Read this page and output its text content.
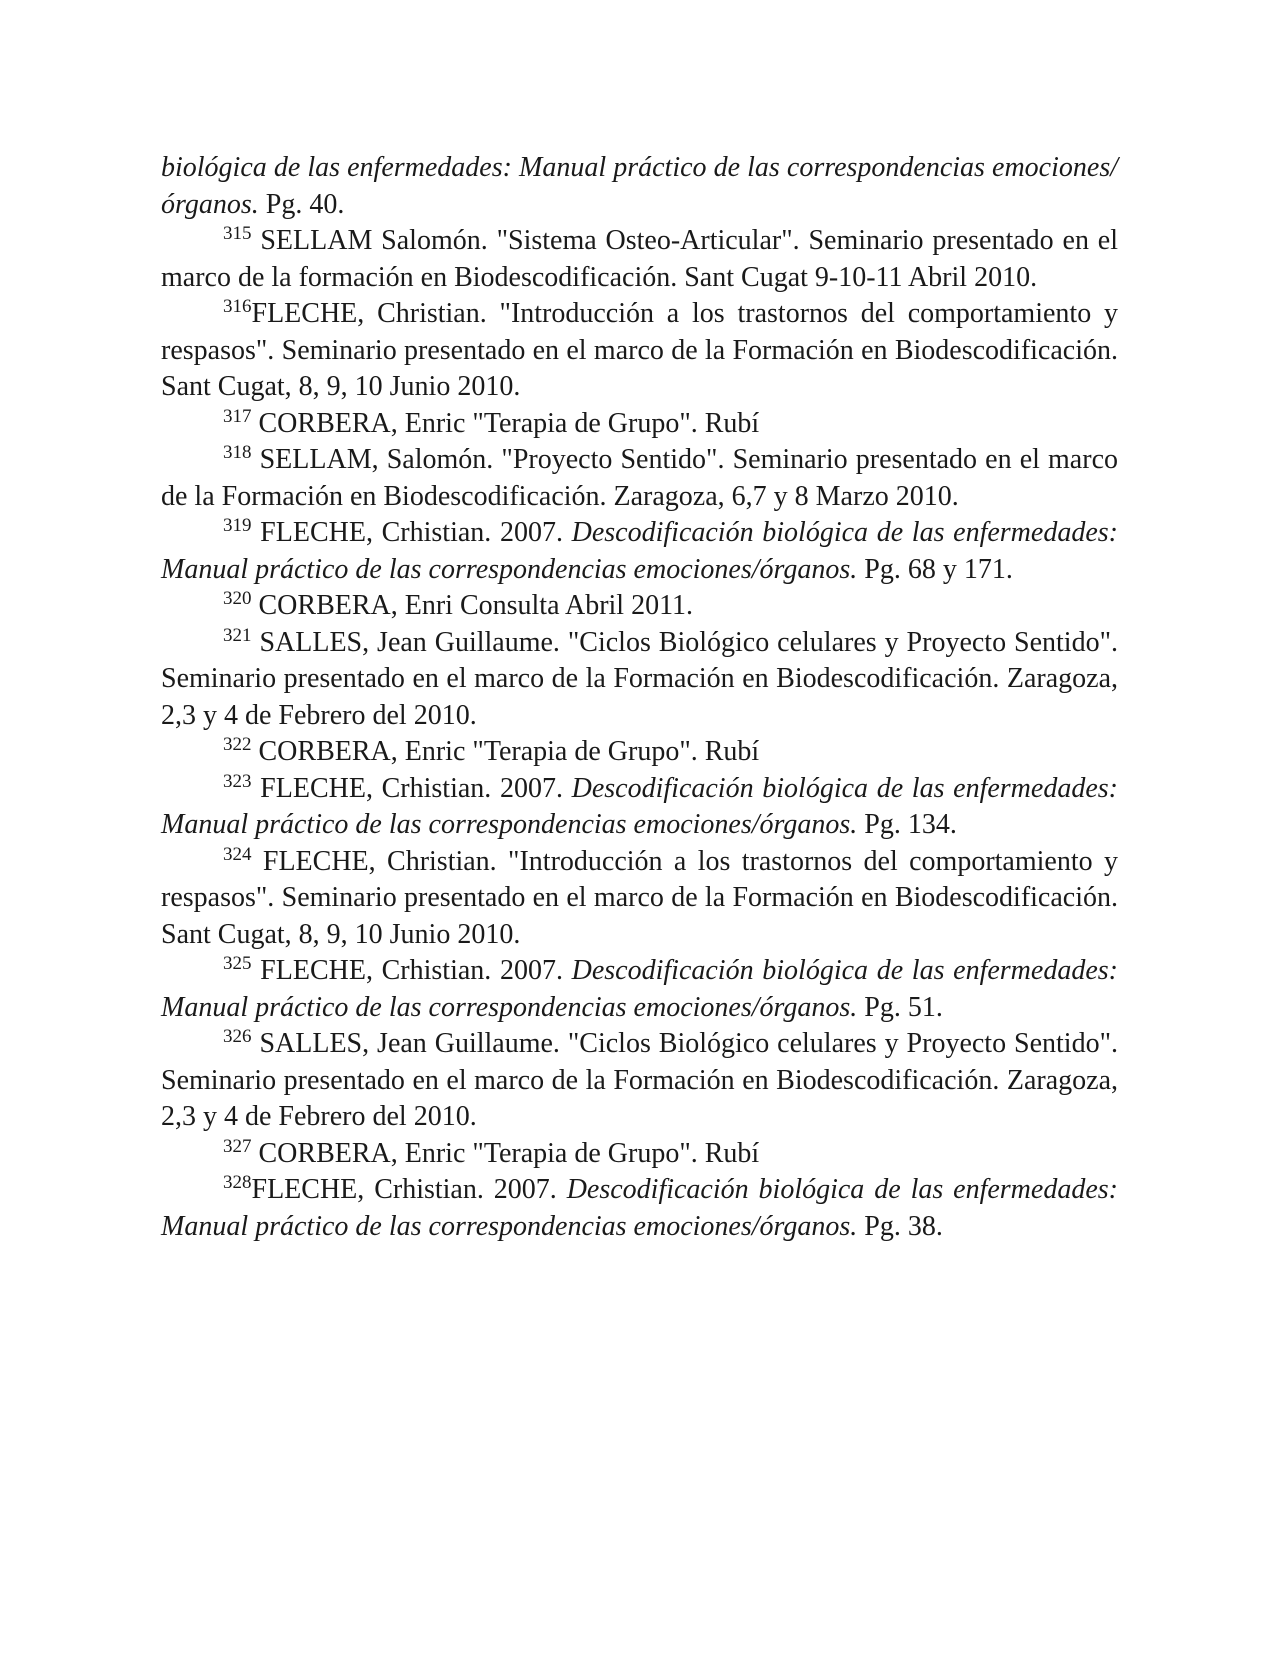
biológica de las enfermedades: Manual práctico de las correspondencias emociones/órganos. Pg. 40.

$^{315}$ SELLAM Salomón. "Sistema Osteo-Articular". Seminario presentado en el marco de la formación en Biodescodificación. Sant Cugat 9-10-11 Abril 2010.

$^{316}$FLECHE, Christian. "Introducción a los trastornos del comportamiento y respasos". Seminario presentado en el marco de la Formación en Biodescodificación. Sant Cugat, 8, 9, 10 Junio 2010.

$^{317}$ CORBERA, Enric "Terapia de Grupo". Rubí

$^{318}$ SELLAM, Salomón. "Proyecto Sentido". Seminario presentado en el marco de la Formación en Biodescodificación. Zaragoza, 6,7 y 8 Marzo 2010.

$^{319}$ FLECHE, Crhistian. 2007. Descodificación biológica de las enfermedades: Manual práctico de las correspondencias emociones/órganos. Pg. 68 y 171.

$^{320}$ CORBERA, Enri Consulta Abril 2011.

$^{321}$ SALLES, Jean Guillaume. "Ciclos Biológico celulares y Proyecto Sentido". Seminario presentado en el marco de la Formación en Biodescodificación. Zaragoza, 2,3 y 4 de Febrero del 2010.

$^{322}$ CORBERA, Enric "Terapia de Grupo". Rubí

$^{323}$ FLECHE, Crhistian. 2007. Descodificación biológica de las enfermedades: Manual práctico de las correspondencias emociones/órganos. Pg. 134.

$^{324}$ FLECHE, Christian. "Introducción a los trastornos del comportamiento y respasos". Seminario presentado en el marco de la Formación en Biodescodificación. Sant Cugat, 8, 9, 10 Junio 2010.

$^{325}$ FLECHE, Crhistian. 2007. Descodificación biológica de las enfermedades: Manual práctico de las correspondencias emociones/órganos. Pg. 51.

$^{326}$ SALLES, Jean Guillaume. "Ciclos Biológico celulares y Proyecto Sentido". Seminario presentado en el marco de la Formación en Biodescodificación. Zaragoza, 2,3 y 4 de Febrero del 2010.

$^{327}$ CORBERA, Enric "Terapia de Grupo". Rubí

$^{328}$FLECHE, Crhistian. 2007. Descodificación biológica de las enfermedades: Manual práctico de las correspondencias emociones/órganos. Pg. 38.
